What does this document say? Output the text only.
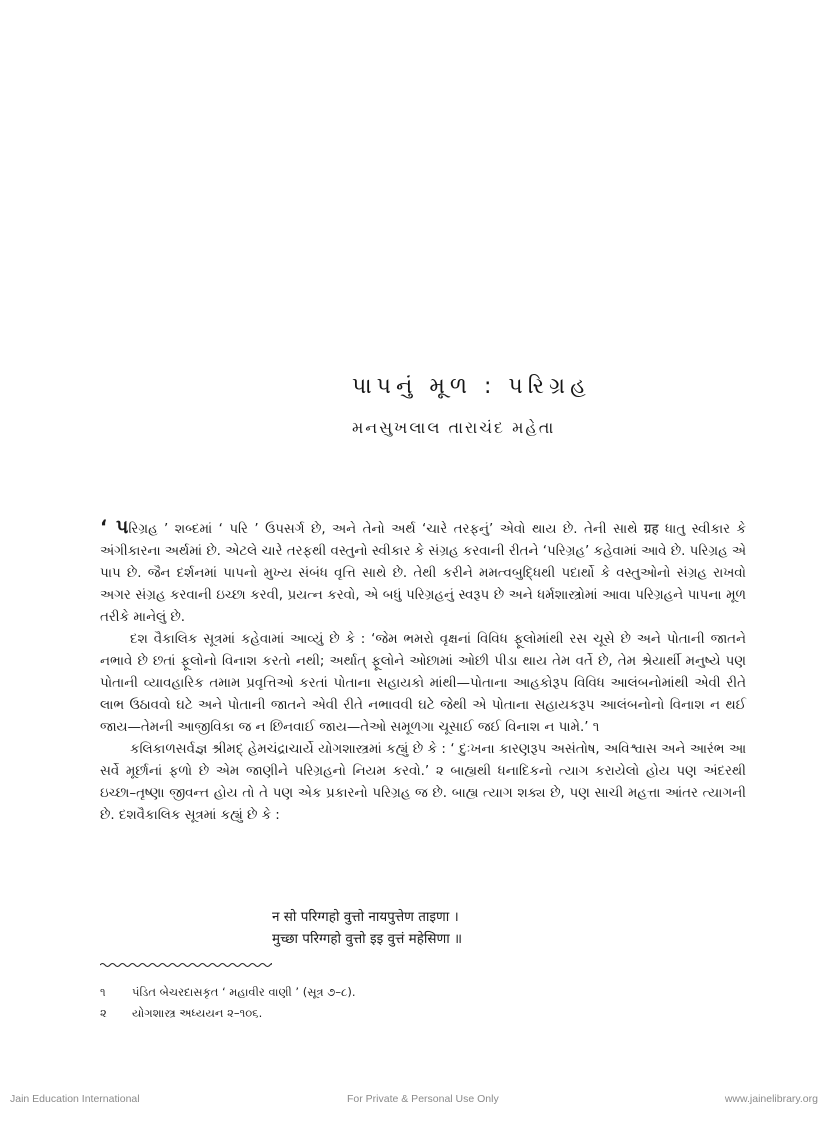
પાપનું મૂળ : પરિગ્રહ
મનસુખલાલ તારાચંદ મહેતા

‘ પરિગ્રહ ’ શબ્દમાં ‘ પરિ ’ ઉપસર્ગ છે, અને તેનો અર્થ ‘ચારે તરફનું’ એવો થાય છે. તેની સાથે ग्रह ધાતુ સ્વીકાર કે અંગીકારના અર્થમાં છે. એટલે ચારે તરફથી વસ્તુનો સ્વીકાર કે સંગ્રહ કરવાની રીતને ‘પરિગ્રહ’ કહેવામાં આવે છે. પરિગ્રહ એ પાપ છે. જૈન દર્શનમાં પાપનો મુખ્ય સંબંધ વૃત્તિ સાથે છે. તેથી કરીને મમત્વબુદ્ધિથી પદાર્થો કે વસ્તુઓનો સંગ્રહ રાખવો અગર સંગ્રહ કરવાની ઇચ્છા કરવી, પ્રયત્ન કરવો, એ બધું પરિગ્રહનું સ્વરૂપ છે અને ધર્મશાસ્ત્રોમાં આવા પરિગ્રહને પાપના મૂળ તરીકે માનેલું છે.

દશ વૈકાલિક સૂત્રમાં કહેવામાં આવ્યું છે કે : ‘જેમ ભમરો વૃક્ષનાં વિવિધ ફૂલોમાંથી રસ ચૂસે છે અને પોતાની જાતને નભાવે છે છતાં ફૂલોનો વિનાશ કરતો નથી; અર્થાત્ ફૂલોને ઓછામાં ઓછી પીડા થાય તેમ વર્તે છે, તેમ શ્રેયાર્થી મનુષ્યે પણ પોતાની વ્યાવહારિક તમામ પ્રવૃત્તિઓ કરતાં પોતાના સહાયકો માંથી—પોતાના આહકોરૂપ વિવિધ આલંબનોમાંથી એવી રીતે લાભ ઉઠાવવો ઘટે અને પોતાની જાતને એવી રીતે નભાવવી ઘટે જેથી એ પોતાના સહાયકરૂપ આલંબનોનો વિનાશ ન થઈ જાય—તેમની આજીવિકા જ ન છિનવાઈ જાય—તેઓ સમૂળગા ચૂસાઈ જઈ વિનાશ ન પામે.’ ૧

કલિકાળસર્વજ્ઞ શ્રીમદ્ હેમચંદ્રાચાર્યે યોગશાસ્ત્રમાં કહ્યું છે કે : ‘ દુઃખના કારણરૂપ અસંતોષ, અવિશ્વાસ અને આરંભ આ સર્વે મૂર્છાનાં ફળો છે એમ જાણીને પરિગ્રહનો નિયમ કરવો.’ ૨ બાહ્યથી ધનાદિકનો ત્યાગ કરાયેલો હોય પણ અંદરથી ઇચ્છા–તૃષ્ણા જીવન્ત હોય તો તે પણ એક પ્રકારનો પરિગ્રહ જ છે. બાહ્ય ત્યાગ શક્ય છે, પણ સાચી મહત્તા આંતર ત્યાગની છે. દશવૈકાલિક સૂત્રમાં કહ્યું છે કે :

न सो परिग्गहो वुत्तो नायपुत्तेण ताइणा ।
मुच्छा परिग्गहो वुत्तो इइ वुत्तं महेसिणा ॥
૧	પંડિત બેચરદાસકૃત ‘ મહાવીર વાણી ’ (સૂત્ર ૭–૮).
૨	યોગશાસ્ત્ર અધ્યયન ૨–૧૦૬.
Jain Education International	For Private & Personal Use Only	www.jainelibrary.org
